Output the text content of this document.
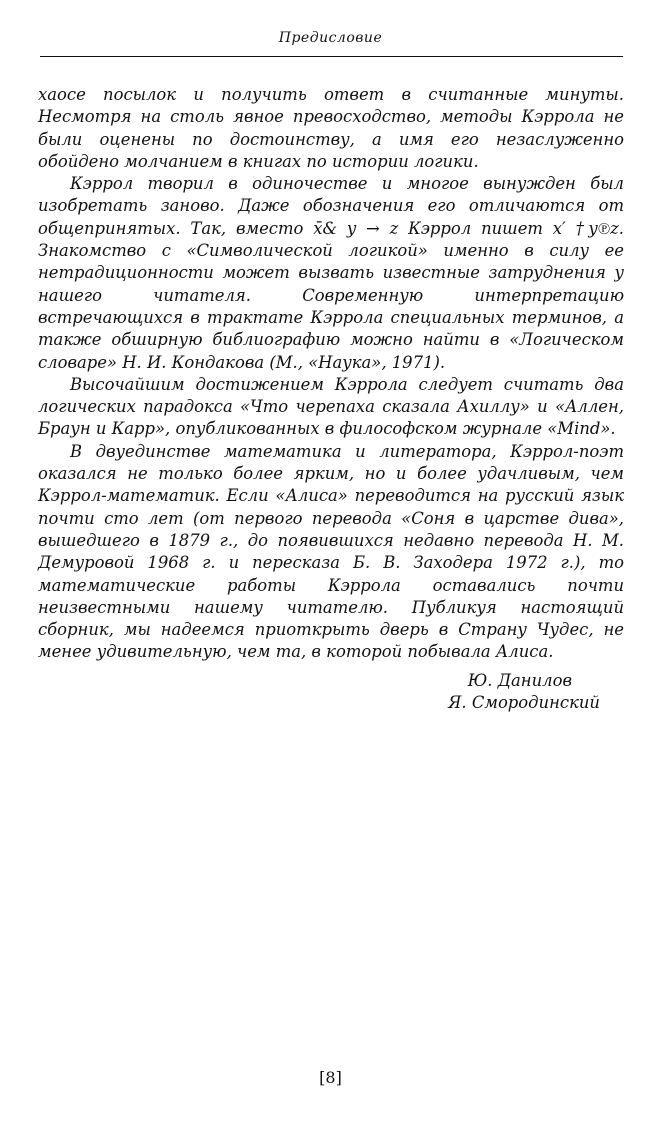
Предисловие

хаосе посылок и получить ответ в считанные минуты. Несмотря на столь явное превосходство, методы Кэррола не были оценены по достоинству, а имя его незаслуженно обойдено молчанием в книгах по истории логики.

Кэррол творил в одиночестве и многое вынужден был изобретать заново. Даже обозначения его отличаются от общепринятых. Так, вместо x̄& y → z Кэррол пишет x′ †y℗z. Знакомство с «Символической логикой» именно в силу ее нетрадиционности может вызвать известные затруднения у нашего читателя. Современную интерпретацию встречающихся в трактате Кэррола специальных терминов, а также обширную библиографию можно найти в «Логическом словаре» Н. И. Кондакова (М., «Наука», 1971).

Высочайшим достижением Кэррола следует считать два логических парадокса «Что черепаха сказала Ахиллу» и «Аллен, Браун и Карр», опубликованных в философском журнале «Mind».

В двуединстве математика и литератора, Кэррол-поэт оказался не только более ярким, но и более удачливым, чем Кэррол-математик. Если «Алиса» переводится на русский язык почти сто лет (от первого перевода «Соня в царстве дива», вышедшего в 1879 г., до появившихся недавно перевода Н. М. Демуровой 1968 г. и пересказа Б. В. Заходера 1972 г.), то математические работы Кэррола оставались почти неизвестными нашему читателю. Публикуя настоящий сборник, мы надеемся приоткрыть дверь в Страну Чудес, не менее удивительную, чем та, в которой побывала Алиса.

Ю. Данилов
Я. Смородинский
[8]
